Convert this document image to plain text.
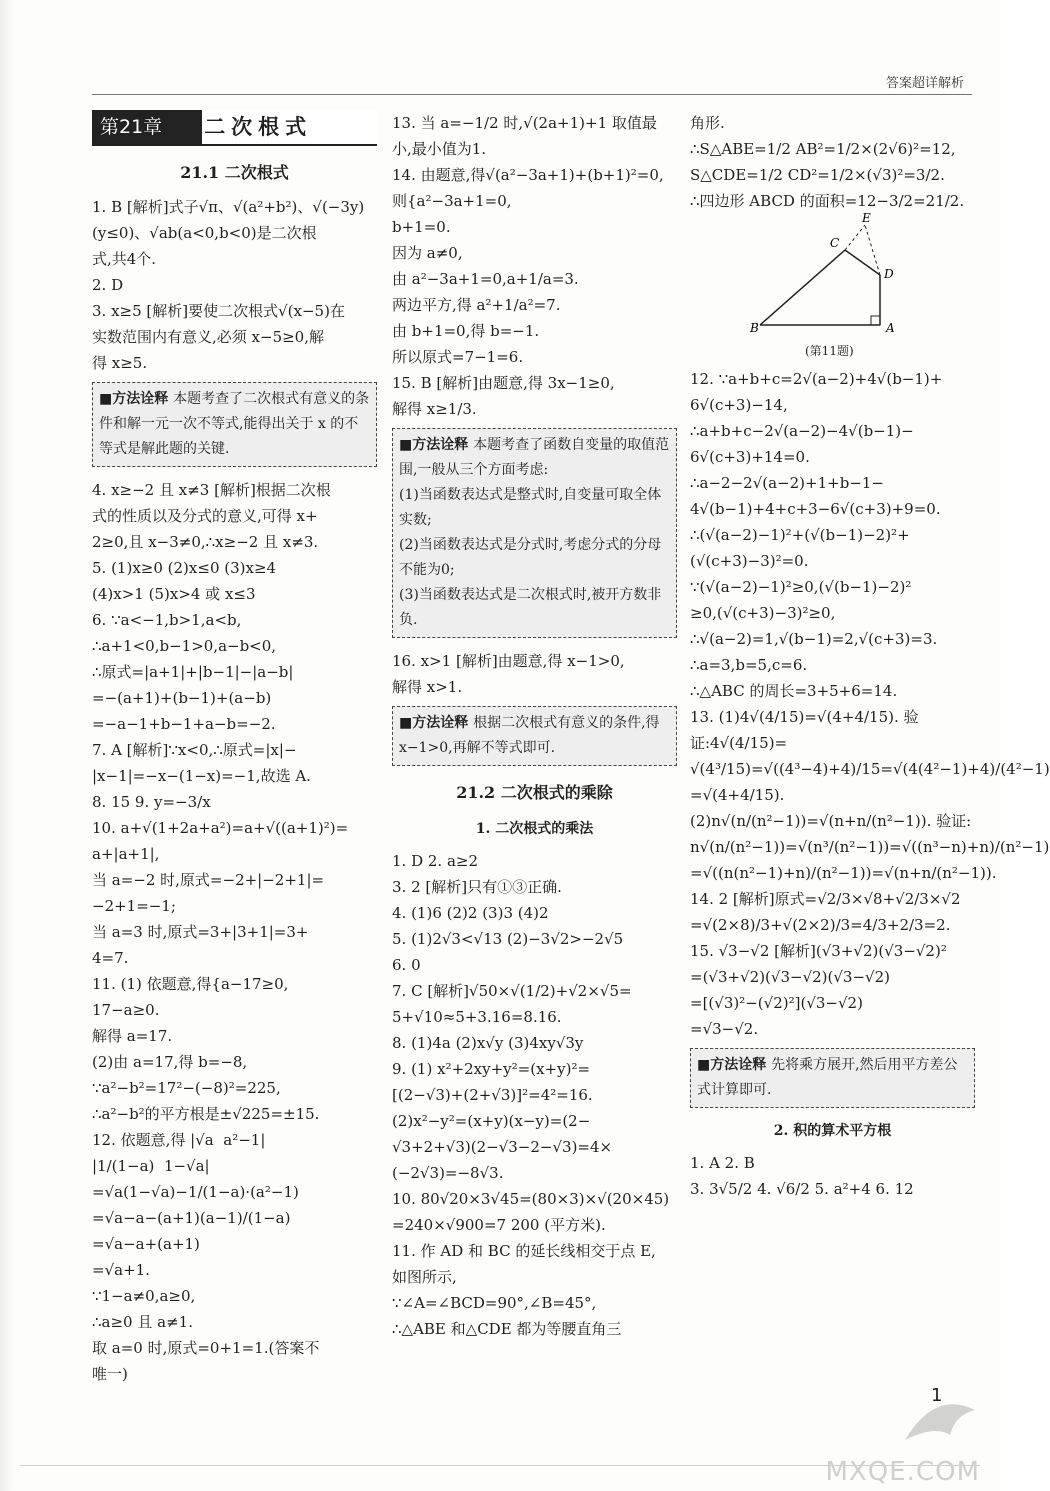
答案超详解析
第21章	二次根式
21.1 二次根式
1. B [解析]式子√π、√(a²+b²)、√(−3y)
(y≤0)、√ab(a<0,b<0)是二次根
式,共4个.
2. D
3. x≥5 [解析]要使二次根式√(x−5)在
实数范围内有意义,必须 x−5≥0,解
得 x≥5.
■方法诠释 本题考查了二次根式有意义的条件和解一元一次不等式,能得出关于 x 的不等式是解此题的关键.
4. x≥−2 且 x≠3 [解析]根据二次根
式的性质以及分式的意义,可得 x+
2≥0,且 x−3≠0,∴x≥−2 且 x≠3.
5. (1)x≥0 (2)x≤0 (3)x≥4
(4)x>1 (5)x>4 或 x≤3
6. ∵a<−1,b>1,a<b,
∴a+1<0,b−1>0,a−b<0,
∴原式=|a+1|+|b−1|−|a−b|
=−(a+1)+(b−1)+(a−b)
=−a−1+b−1+a−b=−2.
7. A [解析]∵x<0,∴原式=|x|−
|x−1|=−x−(1−x)=−1,故选 A.
8. 15 9. y=−3/x
10. a+√(1+2a+a²)=a+√((a+1)²)=
a+|a+1|,
当 a=−2 时,原式=−2+|−2+1|=
−2+1=−1;
当 a=3 时,原式=3+|3+1|=3+
4=7.
11. (1) 依题意,得{a−17≥0,
17−a≥0.
解得 a=17.
(2)由 a=17,得 b=−8,
∵a²−b²=17²−(−8)²=225,
∴a²−b²的平方根是±√225=±15.
12. 依题意,得 |√a  a²−1|
|1/(1−a)  1−√a|
=√a(1−√a)−1/(1−a)·(a²−1)
=√a−a−(a+1)(a−1)/(1−a)
=√a−a+(a+1)
=√a+1.
∵1−a≠0,a≥0,
∴a≥0 且 a≠1.
取 a=0 时,原式=0+1=1.(答案不
唯一)
13. 当 a=−1/2 时,√(2a+1)+1 取值最
小,最小值为1.
14. 由题意,得√(a²−3a+1)+(b+1)²=0,
则{a²−3a+1=0,
b+1=0.
因为 a≠0,
由 a²−3a+1=0,a+1/a=3.
两边平方,得 a²+1/a²=7.
由 b+1=0,得 b=−1.
所以原式=7−1=6.
15. B [解析]由题意,得 3x−1≥0,
解得 x≥1/3.
■方法诠释 本题考查了函数自变量的取值范围,一般从三个方面考虑:
(1)当函数表达式是整式时,自变量可取全体实数;
(2)当函数表达式是分式时,考虑分式的分母不能为0;
(3)当函数表达式是二次根式时,被开方数非负.
16. x>1 [解析]由题意,得 x−1>0,
解得 x>1.
■方法诠释 根据二次根式有意义的条件,得 x−1>0,再解不等式即可.
21.2 二次根式的乘除
1. 二次根式的乘法
1. D 2. a≥2
3. 2 [解析]只有①③正确.
4. (1)6 (2)2 (3)3 (4)2
5. (1)2√3<√13 (2)−3√2>−2√5
6. 0
7. C [解析]√50×√(1/2)+√2×√5=
5+√10≈5+3.16=8.16.
8. (1)4a (2)x√y (3)4xy√3y
9. (1) x²+2xy+y²=(x+y)²=
[(2−√3)+(2+√3)]²=4²=16.
(2)x²−y²=(x+y)(x−y)=(2−
√3+2+√3)(2−√3−2−√3)=4×
(−2√3)=−8√3.
10. 80√20×3√45=(80×3)×√(20×45)
=240×√900=7 200 (平方米).
11. 作 AD 和 BC 的延长线相交于点 E,
如图所示,
∵∠A=∠BCD=90°,∠B=45°,
∴△ABE 和△CDE 都为等腰直角三
角形.
∴S△ABE=1/2 AB²=1/2×(2√6)²=12,
S△CDE=1/2 CD²=1/2×(√3)²=3/2.
∴四边形 ABCD 的面积=12−3/2=21/2.
E
C
D
B	A
(第11题)
12. ∵a+b+c=2√(a−2)+4√(b−1)+
6√(c+3)−14,
∴a+b+c−2√(a−2)−4√(b−1)−
6√(c+3)+14=0.
∴a−2−2√(a−2)+1+b−1−
4√(b−1)+4+c+3−6√(c+3)+9=0.
∴(√(a−2)−1)²+(√(b−1)−2)²+
(√(c+3)−3)²=0.
∵(√(a−2)−1)²≥0,(√(b−1)−2)²
≥0,(√(c+3)−3)²≥0,
∴√(a−2)=1,√(b−1)=2,√(c+3)=3.
∴a=3,b=5,c=6.
∴△ABC 的周长=3+5+6=14.
13. (1)4√(4/15)=√(4+4/15). 验证:4√(4/15)=
√(4³/15)=√((4³−4)+4)/15=√(4(4²−1)+4)/(4²−1)
=√(4+4/15).
(2)n√(n/(n²−1))=√(n+n/(n²−1)). 验证:
n√(n/(n²−1))=√(n³/(n²−1))=√((n³−n)+n)/(n²−1)
=√((n(n²−1)+n)/(n²−1))=√(n+n/(n²−1)).
14. 2 [解析]原式=√2/3×√8+√2/3×√2
=√(2×8)/3+√(2×2)/3=4/3+2/3=2.
15. √3−√2 [解析](√3+√2)(√3−√2)²
=(√3+√2)(√3−√2)(√3−√2)
=[(√3)²−(√2)²](√3−√2)
=√3−√2.
■方法诠释 先将乘方展开,然后用平方差公式计算即可.
2. 积的算术平方根
1. A 2. B
3. 3√5/2 4. √6/2 5. a²+4 6. 12
1
MXQE.COM
